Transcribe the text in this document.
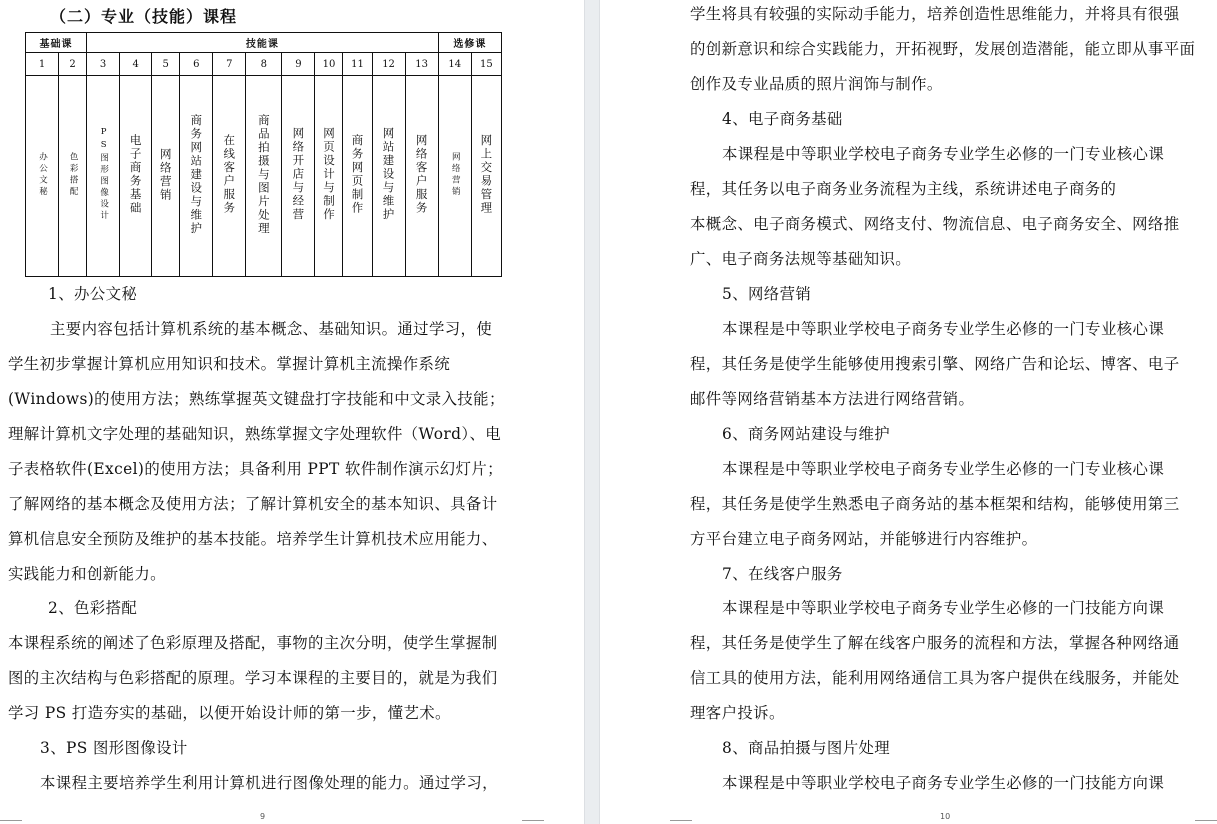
（二）专业（技能）课程
基础课		技能课											选修课	
1	2	3	4	5	6	7	8	9	10	11	12	13	14	15
办公文秘	色彩搭配	PS图形图像设计	电子商务基础	网络营销	商务网站建设与维护	在线客户服务	商品拍摄与图片处理	网络开店与经营	网页设计与制作	商务网页制作	网站建设与维护	网络客户服务	网络营销	网上交易管理
1、办公文秘
主要内容包括计算机系统的基本概念、基础知识。通过学习，使
学生初步掌握计算机应用知识和技术。掌握计算机主流操作系统
(Windows)的使用方法；熟练掌握英文键盘打字技能和中文录入技能；
理解计算机文字处理的基础知识，熟练掌握文字处理软件（Word）、电
子表格软件(Excel)的使用方法；具备利用 PPT 软件制作演示幻灯片；
了解网络的基本概念及使用方法；了解计算机安全的基本知识、具备计
算机信息安全预防及维护的基本技能。培养学生计算机技术应用能力、
实践能力和创新能力。
2、色彩搭配
本课程系统的阐述了色彩原理及搭配，事物的主次分明，使学生掌握制
图的主次结构与色彩搭配的原理。学习本课程的主要目的，就是为我们
学习 PS 打造夯实的基础，以便开始设计师的第一步，懂艺术。
3、PS 图形图像设计
本课程主要培养学生利用计算机进行图像处理的能力。通过学习，
9
学生将具有较强的实际动手能力，培养创造性思维能力，并将具有很强
的创新意识和综合实践能力，开拓视野，发展创造潜能，能立即从事平面
创作及专业品质的照片润饰与制作。
4、电子商务基础
本课程是中等职业学校电子商务专业学生必修的一门专业核心课
程，其任务以电子商务业务流程为主线，系统讲述电子商务的
本概念、电子商务模式、网络支付、物流信息、电子商务安全、网络推
广、电子商务法规等基础知识。
5、网络营销
本课程是中等职业学校电子商务专业学生必修的一门专业核心课
程，其任务是使学生能够使用搜索引擎、网络广告和论坛、博客、电子
邮件等网络营销基本方法进行网络营销。
6、商务网站建设与维护
本课程是中等职业学校电子商务专业学生必修的一门专业核心课
程，其任务是使学生熟悉电子商务站的基本框架和结构，能够使用第三
方平台建立电子商务网站，并能够进行内容维护。
7、在线客户服务
本课程是中等职业学校电子商务专业学生必修的一门技能方向课
程，其任务是使学生了解在线客户服务的流程和方法，掌握各种网络通
信工具的使用方法，能利用网络通信工具为客户提供在线服务，并能处
理客户投诉。
8、商品拍摄与图片处理
本课程是中等职业学校电子商务专业学生必修的一门技能方向课
10
